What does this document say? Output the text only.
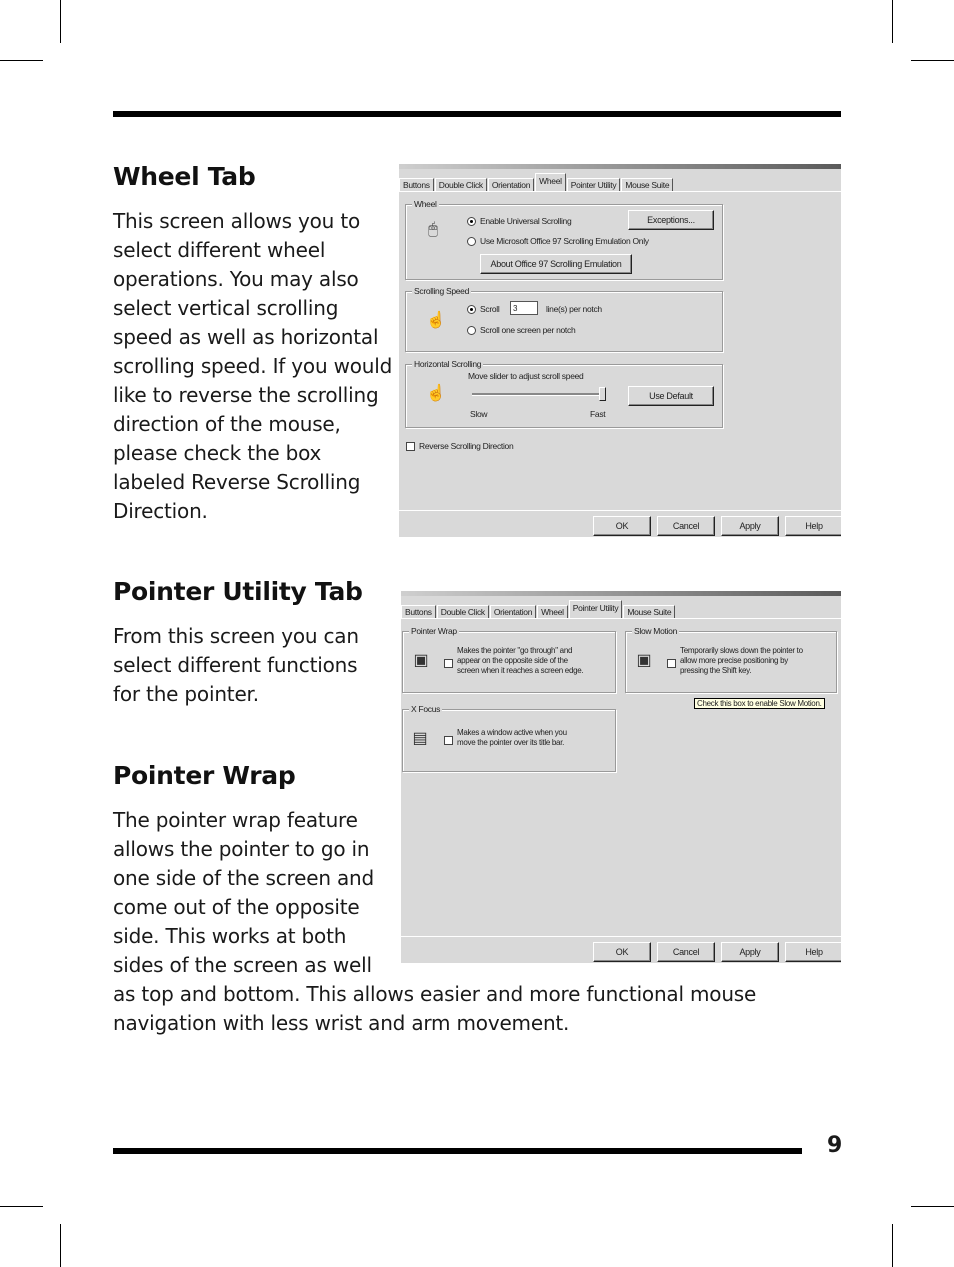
Wheel Tab
This screen allows you to
select different wheel
operations. You may also
select vertical scrolling
speed as well as horizontal
scrolling speed. If you would
like to reverse the scrolling
direction of the mouse,
please check the box
labeled Reverse Scrolling
Direction.
Buttons	Double Click	Orientation	Wheel	Pointer Utility	Mouse Suite
Wheel
🖱	Enable Universal Scrolling
Use Microsoft Office 97 Scrolling Emulation Only
Exceptions...
About Office 97 Scrolling Emulation
Scrolling Speed
☝
Scroll	3	line(s) per notch
Scroll one screen per notch
Horizontal Scrolling
☝
Move slider to adjust scroll speed
Slow	Fast
Use Default
Reverse Scrolling Direction
OK	Cancel	Apply	Help
Pointer Utility Tab
From this screen you can
select different functions
for the pointer.
Pointer Wrap
The pointer wrap feature
allows the pointer to go in
one side of the screen and
come out of the opposite
side. This works at both
sides of the screen as well
as top and bottom. This allows easier and more functional mouse
navigation with less wrist and arm movement.
Buttons	Double Click	Orientation	Wheel	Pointer Utility	Mouse Suite
Pointer Wrap
▣
Makes the pointer "go through" and
appear on the opposite side of the
screen when it reaches a screen edge.
Slow Motion
▣
Temporarily slows down the pointer to
allow more precise positioning by
pressing the Shift key.
Check this box to enable Slow Motion.
X Focus
▤	Makes a window active when you
move the pointer over its title bar.
OK	Cancel	Apply	Help
9
